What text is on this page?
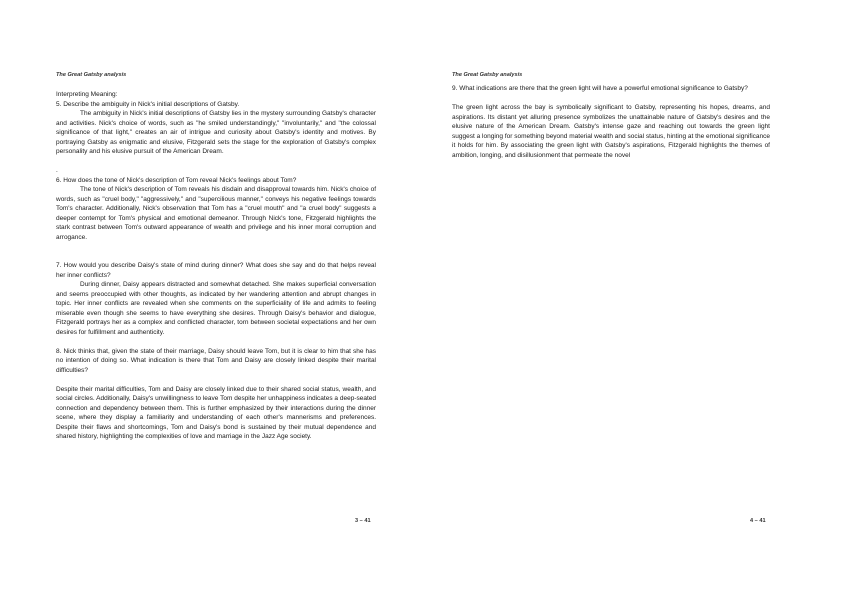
The Great Gatsby analysis

Interpreting Meaning:

5. Describe the ambiguity in Nick's initial descriptions of Gatsby.

The ambiguity in Nick's initial descriptions of Gatsby lies in the mystery surrounding Gatsby's character and activities. Nick's choice of words, such as "he smiled understandingly," "involuntarily," and "the colossal significance of that light," creates an air of intrigue and curiosity about Gatsby's identity and motives. By portraying Gatsby as enigmatic and elusive, Fitzgerald sets the stage for the exploration of Gatsby's complex personality and his elusive pursuit of the American Dream.

.

6. How does the tone of Nick's description of Tom reveal Nick's feelings about Tom?

The tone of Nick's description of Tom reveals his disdain and disapproval towards him. Nick's choice of words, such as "cruel body," "aggressively," and "supercilious manner," conveys his negative feelings towards Tom's character. Additionally, Nick's observation that Tom has a "cruel mouth" and "a cruel body" suggests a deeper contempt for Tom's physical and emotional demeanor. Through Nick's tone, Fitzgerald highlights the stark contrast between Tom's outward appearance of wealth and privilege and his inner moral corruption and arrogance.

7. How would you describe Daisy's state of mind during dinner? What does she say and do that helps reveal her inner conflicts?

During dinner, Daisy appears distracted and somewhat detached. She makes superficial conversation and seems preoccupied with other thoughts, as indicated by her wandering attention and abrupt changes in topic. Her inner conflicts are revealed when she comments on the superficiality of life and admits to feeling miserable even though she seems to have everything she desires. Through Daisy's behavior and dialogue, Fitzgerald portrays her as a complex and conflicted character, torn between societal expectations and her own desires for fulfillment and authenticity.

8. Nick thinks that, given the state of their marriage, Daisy should leave Tom, but it is clear to him that she has no intention of doing so. What indication is there that Tom and Daisy are closely linked despite their marital difficulties?

Despite their marital difficulties, Tom and Daisy are closely linked due to their shared social status, wealth, and social circles. Additionally, Daisy's unwillingness to leave Tom despite her unhappiness indicates a deep-seated connection and dependency between them. This is further emphasized by their interactions during the dinner scene, where they display a familiarity and understanding of each other's mannerisms and preferences. Despite their flaws and shortcomings, Tom and Daisy's bond is sustained by their mutual dependence and shared history, highlighting the complexities of love and marriage in the Jazz Age society.

3 – 41
The Great Gatsby analysis

9. What indications are there that the green light will have a powerful emotional significance to Gatsby?

The green light across the bay is symbolically significant to Gatsby, representing his hopes, dreams, and aspirations. Its distant yet alluring presence symbolizes the unattainable nature of Gatsby's desires and the elusive nature of the American Dream. Gatsby's intense gaze and reaching out towards the green light suggest a longing for something beyond material wealth and social status, hinting at the emotional significance it holds for him. By associating the green light with Gatsby's aspirations, Fitzgerald highlights the themes of ambition, longing, and disillusionment that permeate the novel

4 – 41
